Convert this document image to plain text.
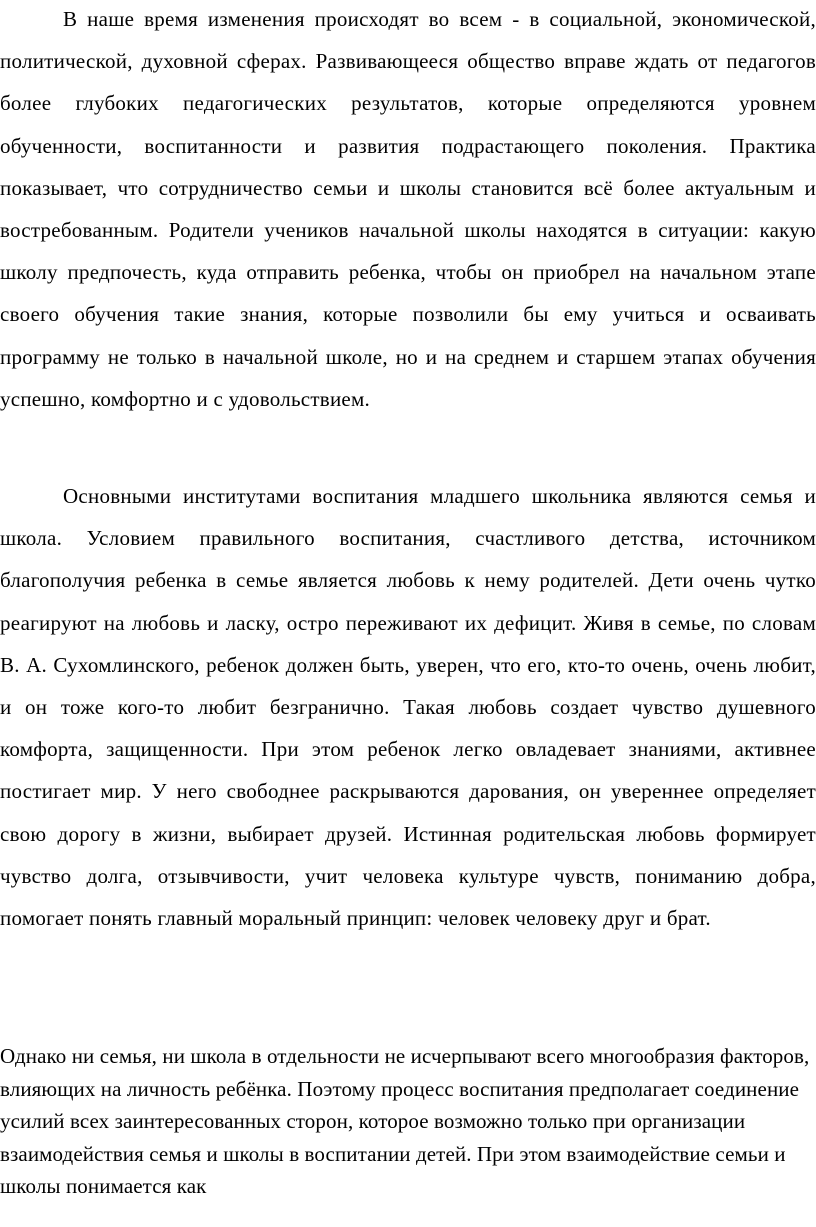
В наше время изменения происходят во всем - в социальной, экономической, политической, духовной сферах. Развивающееся общество вправе ждать от педагогов более глубоких педагогических результатов, которые определяются уровнем обученности, воспитанности и развития подрастающего поколения. Практика показывает, что сотрудничество семьи и школы становится всё более актуальным и востребованным. Родители учеников начальной школы находятся в ситуации: какую школу предпочесть, куда отправить ребенка, чтобы он приобрел на начальном этапе своего обучения такие знания, которые позволили бы ему учиться и осваивать программу не только в начальной школе, но и на среднем и старшем этапах обучения успешно, комфортно и с удовольствием.

Основными институтами воспитания младшего школьника являются семья и школа. Условием правильного воспитания, счастливого детства, источником благополучия ребенка в семье является любовь к нему родителей. Дети очень чутко реагируют на любовь и ласку, остро переживают их дефицит. Живя в семье, по словам В. А. Сухомлинского, ребенок должен быть, уверен, что его, кто-то очень, очень любит, и он тоже кого-то любит безгранично. Такая любовь создает чувство душевного комфорта, защищенности. При этом ребенок легко овладевает знаниями, активнее постигает мир. У него свободнее раскрываются дарования, он увереннее определяет свою дорогу в жизни, выбирает друзей. Истинная родительская любовь формирует чувство долга, отзывчивости, учит человека культуре чувств, пониманию добра, помогает понять главный моральный принцип: человек человеку друг и брат.

Однако ни семья, ни школа в отдельности не исчерпывают всего многообразия факторов, влияющих на личность ребёнка. Поэтому процесс воспитания предполагает соединение усилий всех заинтересованных сторон, которое возможно только при организации взаимодействия семья и школы в воспитании детей. При этом взаимодействие семьи и школы понимается как
